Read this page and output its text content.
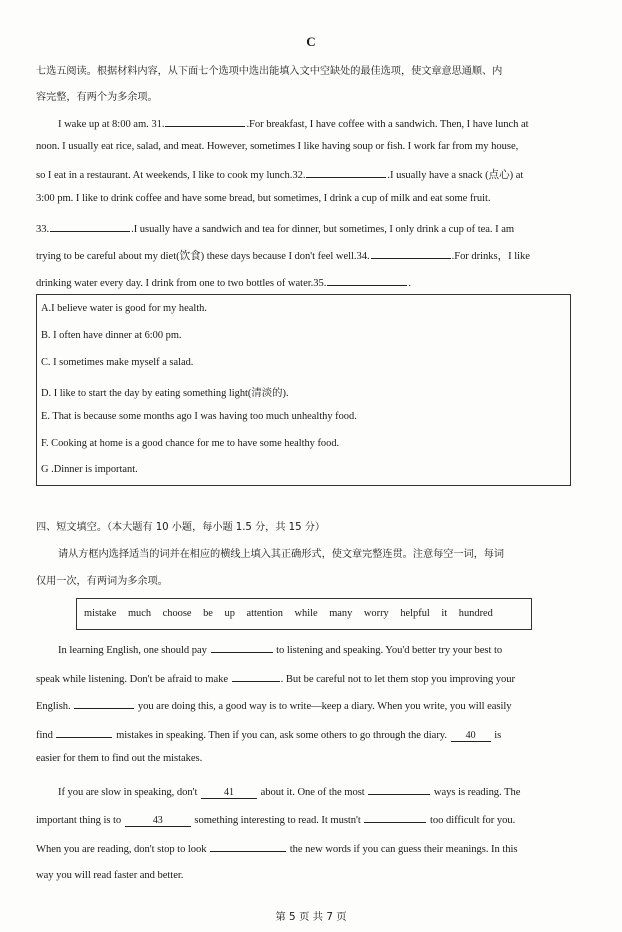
C
七选五阅读。根据材料内容，从下面七个选项中选出能填入文中空缺处的最佳选项，使文章意思通顺、内
容完整，有两个为多余项。
I wake up at 8:00 am. 31.	.For breakfast, I have coffee with a sandwich. Then, I have lunch at
noon. I usually eat rice, salad, and meat. However, sometimes I like having soup or fish. I work far from my house,
so I eat in a restaurant. At weekends, I like to cook my lunch.32.	.I usually have a snack (点心) at
3:00 pm. I like to drink coffee and have some bread, but sometimes, I drink a cup of milk and eat some fruit.
33.	.I usually have a sandwich and tea for dinner, but sometimes, I only drink a cup of tea. I am
trying to be careful about my diet(饮食) these days because I don't feel well.34.	.For drinks，I like
drinking water every day. I drink from one to two bottles of water.35.	.
A.I believe water is good for my health.
B. I often have dinner at 6:00 pm.
C. I sometimes make myself a salad.
D. I like to start the day by eating something light(清淡的).
E. That is because some months ago I was having too much unhealthy food.
F. Cooking at home is a good chance for me to have some healthy food.
G .Dinner is important.
四、短文填空。（本大题有 10 小题，每小题 1.5 分，共 15 分）
请从方框内选择适当的词并在相应的横线上填入其正确形式，使文章完整连贯。注意每空一词，每词
仅用一次，有两词为多余项。
mistake much choose be up attention while many worry helpful it hundred
In learning English, one should pay	to listening and speaking. You'd better try your best to
speak while listening. Don't be afraid to make	. But be careful not to let them stop you improving your
English.	you are doing this, a good way is to write—keep a diary. When you write, you will easily
find	mistakes in speaking. Then if you can, ask some others to go through the diary. 40 is
easier for them to find out the mistakes.
If you are slow in speaking, don't	41	about it. One of the most	ways is reading. The
important thing is to	43	something interesting to read. It mustn't	too difficult for you.
When you are reading, don't stop to look	the new words if you can guess their meanings. In this
way you will read faster and better.
第 5 页 共 7 页
